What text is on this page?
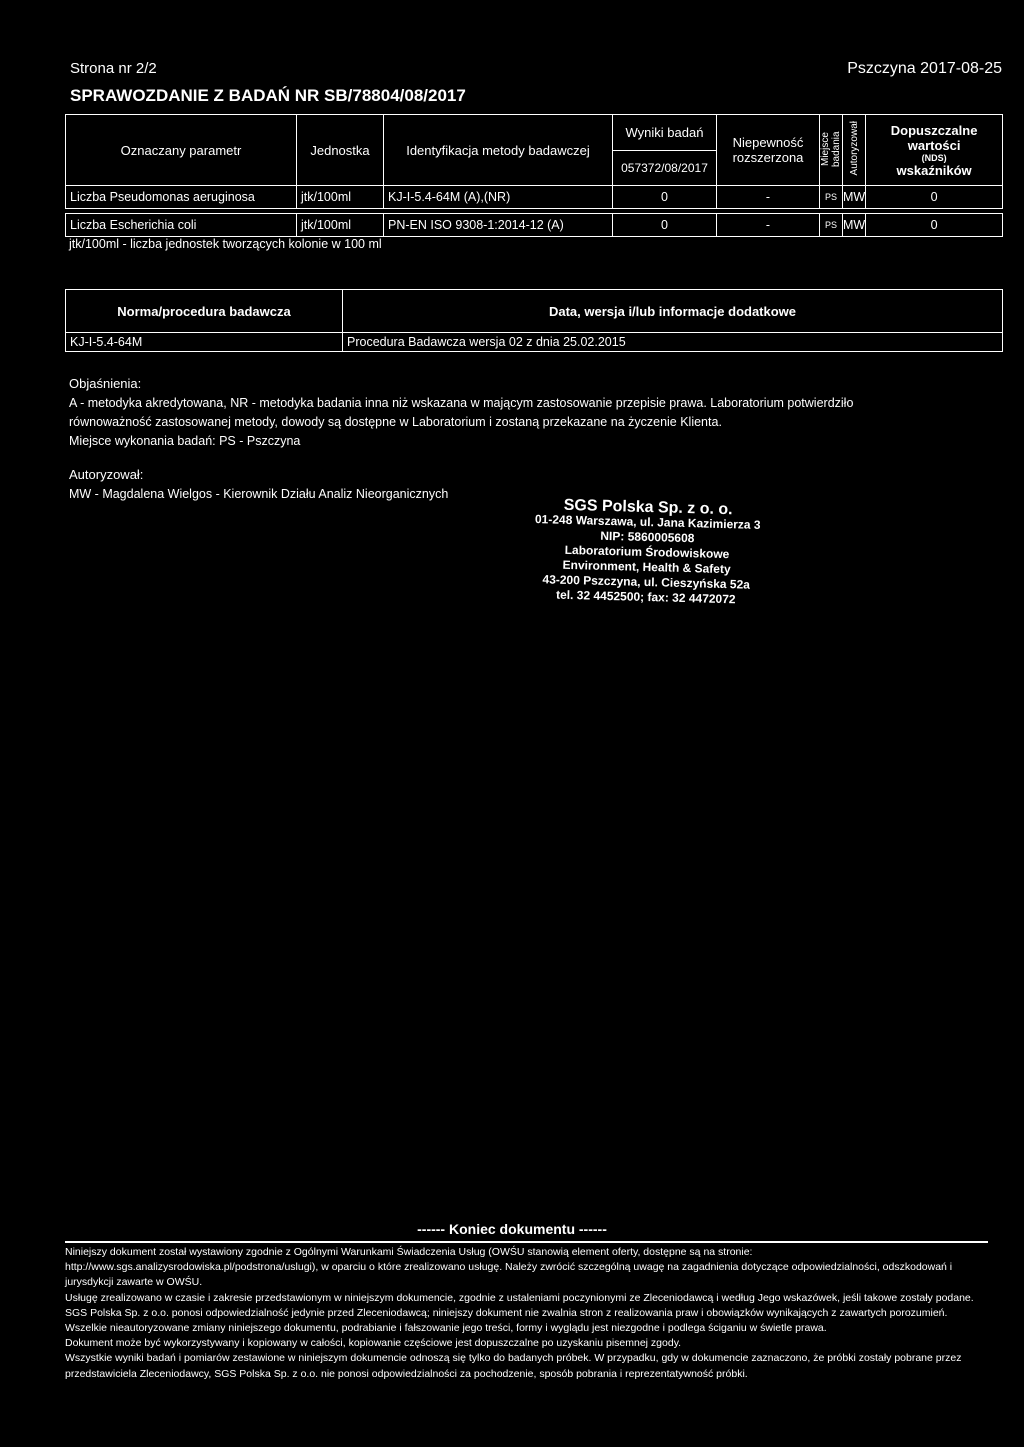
Strona nr 2/2	Pszczyna 2017-08-25
SPRAWOZDANIE Z BADAŃ NR SB/78804/08/2017
Oznaczany parametr	Jednostka	Identyfikacja metody badawczej	Wyniki badań	Niepewność rozszerzona	Miejsce badania	Autoryzował	Dopuszczalne wartości
(NDS)
wskaźników

			057372/08/2017				
Liczba Pseudomonas aeruginosa	jtk/100ml	KJ-I-5.4-64M (A),(NR)	0	-	PS	MW	0

Liczba Escherichia coli	jtk/100ml	PN-EN ISO 9308-1:2014-12 (A)	0	-	PS	MW	0
jtk/100ml - liczba jednostek tworzących kolonie w 100 ml
Norma/procedura badawcza	Data, wersja i/lub informacje dodatkowe
KJ-I-5.4-64M	Procedura Badawcza wersja 02 z dnia 25.02.2015
Objaśnienia:
A - metodyka akredytowana, NR - metodyka badania inna niż wskazana w mającym zastosowanie przepisie prawa. Laboratorium potwierdziło
równoważność zastosowanej metody, dowody są dostępne w Laboratorium i zostaną przekazane na życzenie Klienta.
Miejsce wykonania badań: PS - Pszczyna
Autoryzował:
MW - Magdalena Wielgos - Kierownik Działu Analiz Nieorganicznych
SGS Polska Sp. z o. o.
01-248 Warszawa, ul. Jana Kazimierza 3
NIP: 5860005608
Laboratorium Środowiskowe
Environment, Health & Safety
43-200 Pszczyna, ul. Cieszyńska 52a
tel. 32 4452500; fax: 32 4472072
------ Koniec dokumentu ------

Niniejszy dokument został wystawiony zgodnie z Ogólnymi Warunkami Świadczenia Usług (OWŚU stanowią element oferty, dostępne są na stronie: http://www.sgs.analizysrodowiska.pl/podstrona/uslugi), w oparciu o które zrealizowano usługę. Należy zwrócić szczególną uwagę na zagadnienia dotyczące odpowiedzialności, odszkodowań i jurysdykcji zawarte w OWŚU.

Usługę zrealizowano w czasie i zakresie przedstawionym w niniejszym dokumencie, zgodnie z ustaleniami poczynionymi ze Zleceniodawcą i według Jego wskazówek, jeśli takowe zostały podane. SGS Polska Sp. z o.o. ponosi odpowiedzialność jedynie przed Zleceniodawcą; niniejszy dokument nie zwalnia stron z realizowania praw i obowiązków wynikających z zawartych porozumień.

Wszelkie nieautoryzowane zmiany niniejszego dokumentu, podrabianie i fałszowanie jego treści, formy i wyglądu jest niezgodne i podlega ściganiu w świetle prawa.

Dokument może być wykorzystywany i kopiowany w całości, kopiowanie częściowe jest dopuszczalne po uzyskaniu pisemnej zgody.

Wszystkie wyniki badań i pomiarów zestawione w niniejszym dokumencie odnoszą się tylko do badanych próbek. W przypadku, gdy w dokumencie zaznaczono, że próbki zostały pobrane przez przedstawiciela Zleceniodawcy, SGS Polska Sp. z o.o. nie ponosi odpowiedzialności za pochodzenie, sposób pobrania i reprezentatywność próbki.
